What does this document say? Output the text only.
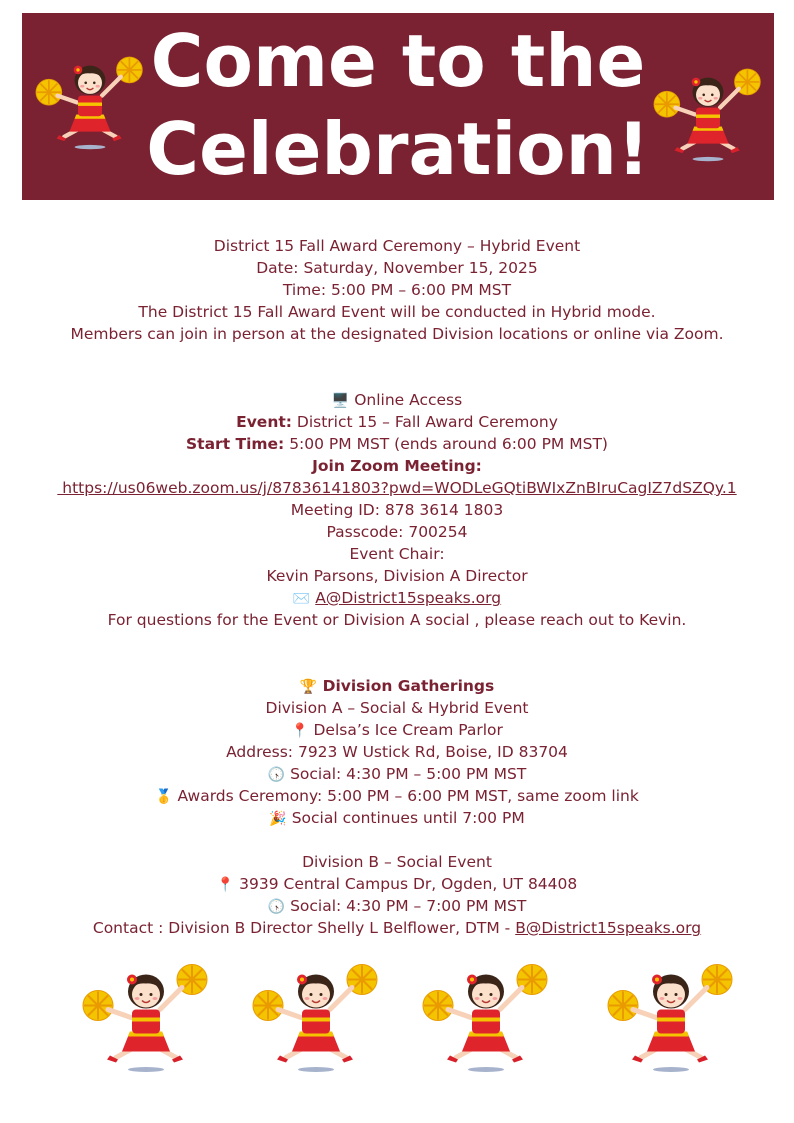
Come to the
Celebration!
District 15 Fall Award Ceremony – Hybrid Event
Date: Saturday, November 15, 2025
Time: 5:00 PM – 6:00 PM MST
The District 15 Fall Award Event will be conducted in Hybrid mode.
Members can join in person at the designated Division locations or online via Zoom.
🖥️ Online Access
Event: District 15 – Fall Award Ceremony
Start Time: 5:00 PM MST (ends around 6:00 PM MST)
Join Zoom Meeting:
https://us06web.zoom.us/j/87836141803?pwd=WODLeGQtiBWIxZnBIruCagIZ7dSZQy.1
Meeting ID: 878 3614 1803
Passcode: 700254
Event Chair:
Kevin Parsons, Division A Director
✉️ A@District15speaks.org
For questions for the Event or Division A social , please reach out to Kevin.
🏆 Division Gatherings
Division A – Social & Hybrid Event
📍 Delsa’s Ice Cream Parlor
Address: 7923 W Ustick Rd, Boise, ID 83704
🕟 Social: 4:30 PM – 5:00 PM MST
🥇 Awards Ceremony: 5:00 PM – 6:00 PM MST, same zoom link
🎉 Social continues until 7:00 PM
Division B – Social Event
📍 3939 Central Campus Dr, Ogden, UT 84408
🕟 Social: 4:30 PM – 7:00 PM MST
Contact : Division B Director Shelly L Belflower, DTM - B@District15speaks.org
